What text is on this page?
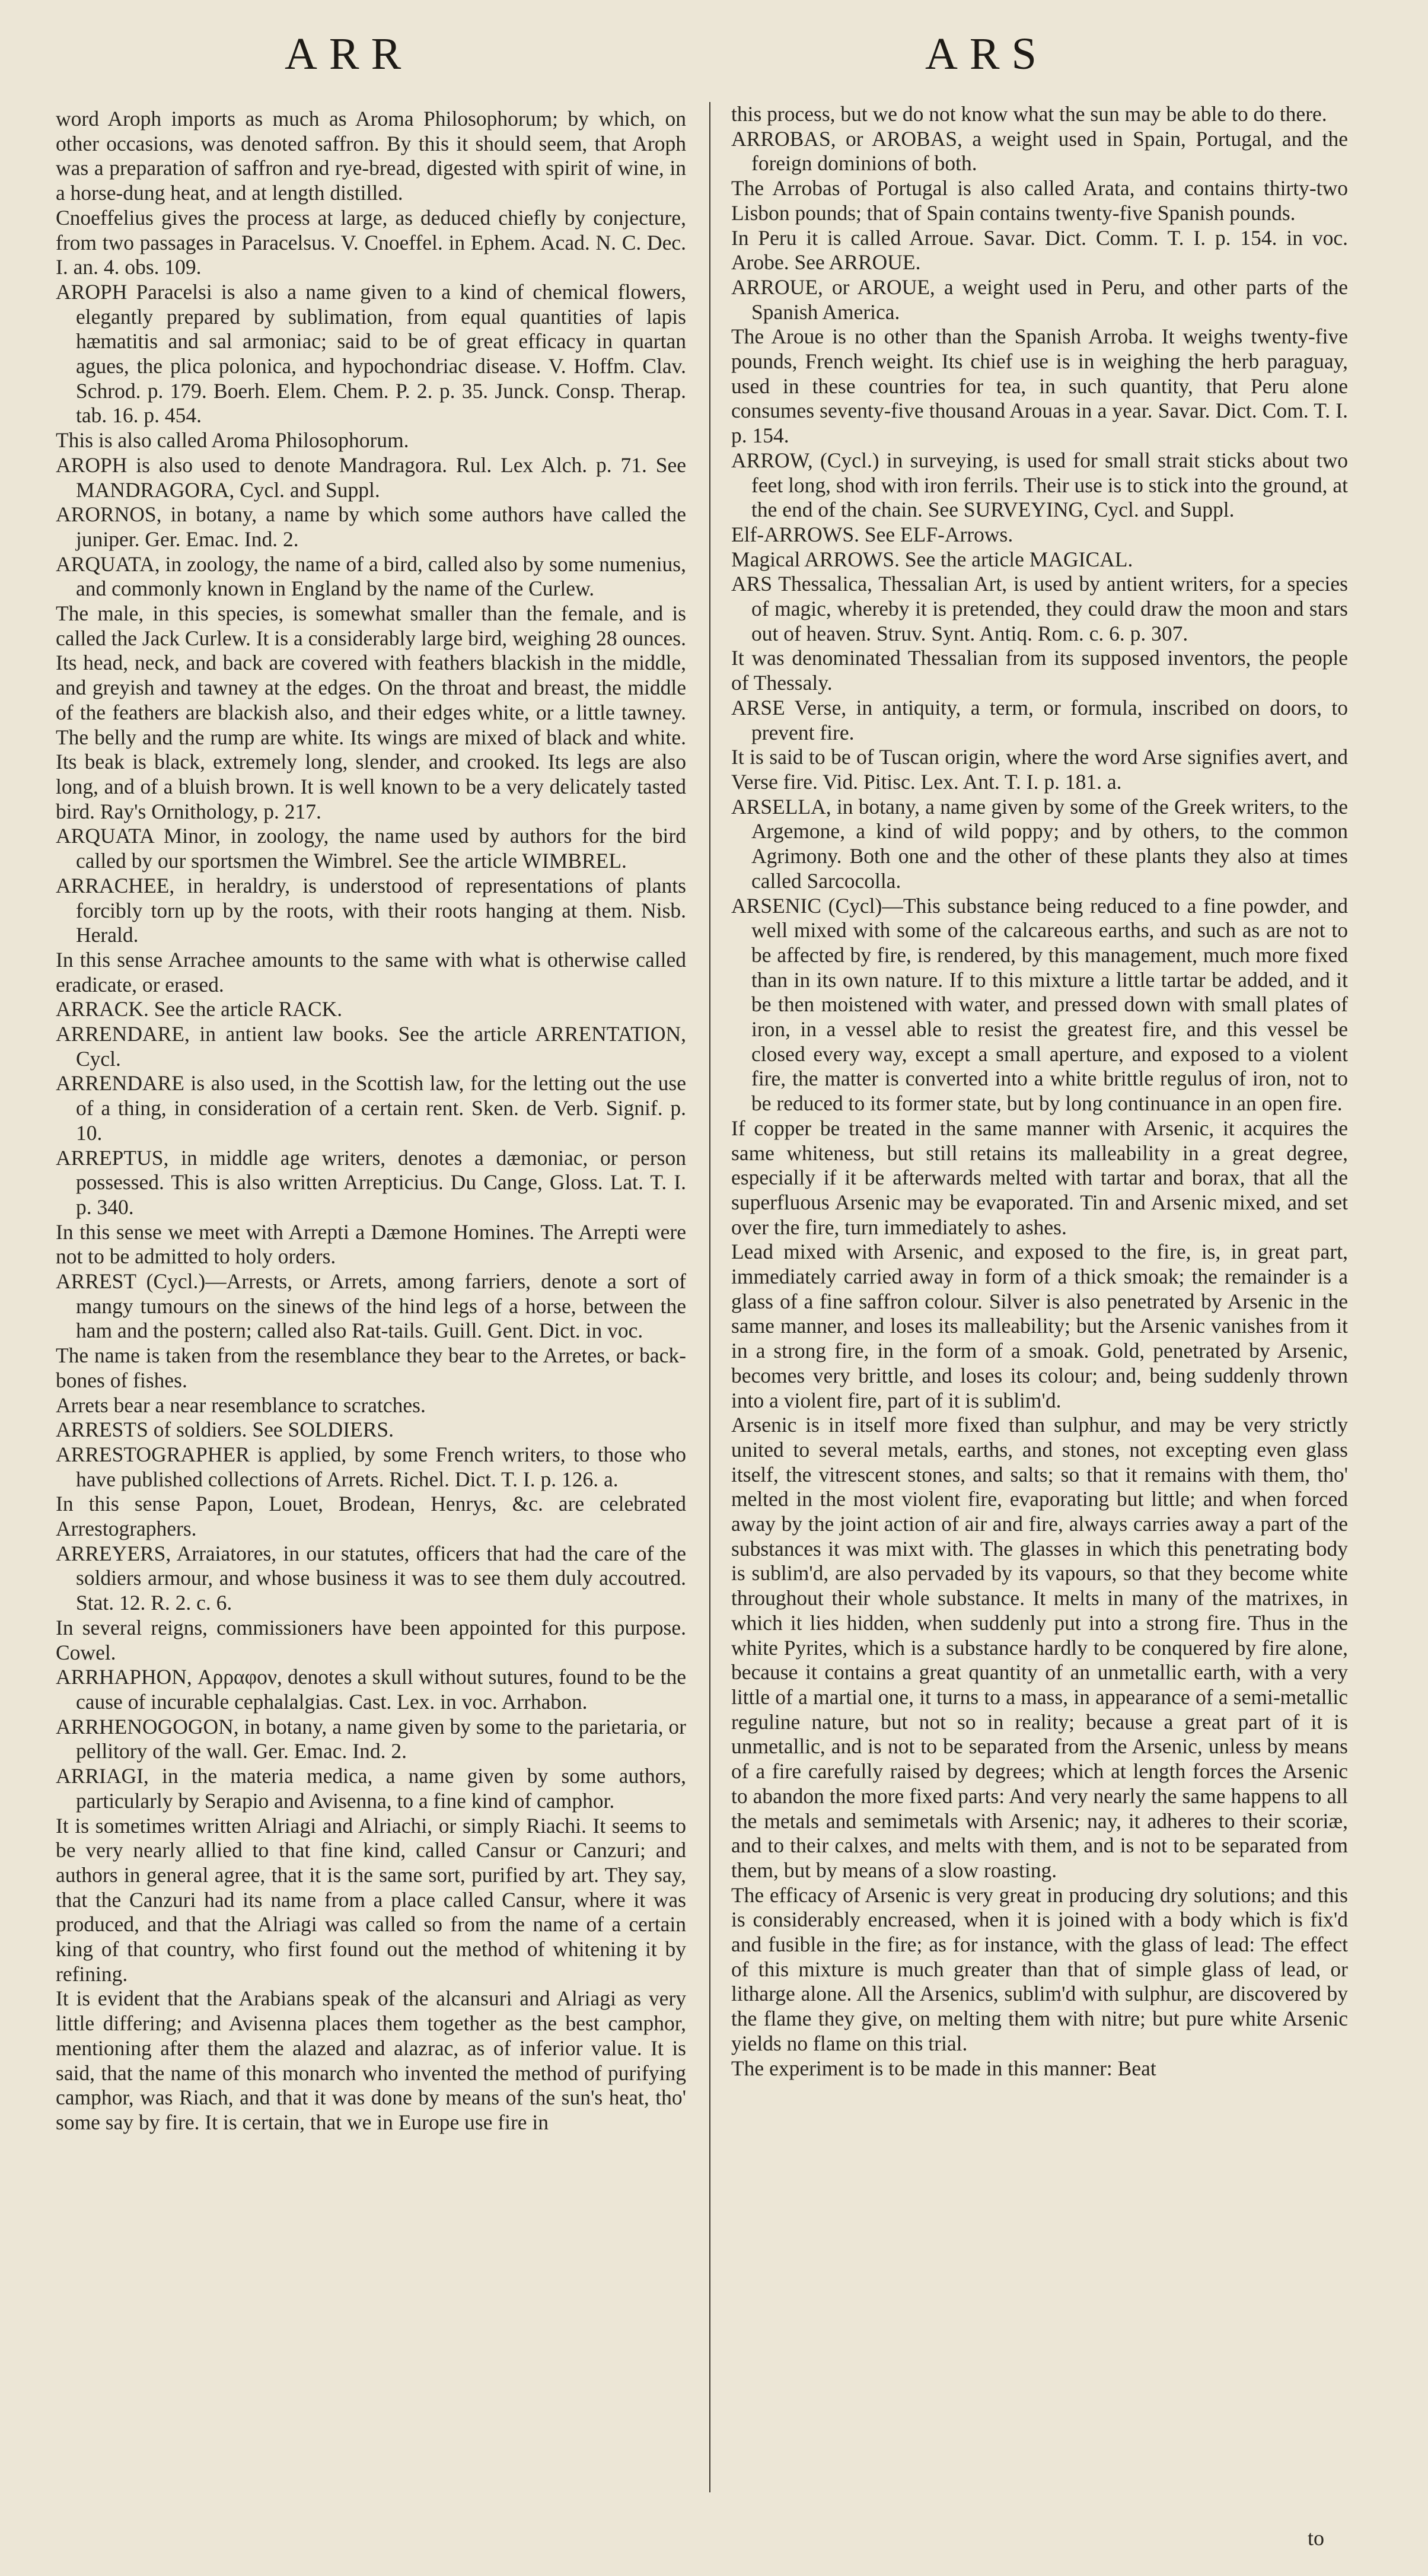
ARR	ARS

word Aroph imports as much as Aroma Philosophorum; by which, on other occasions, was denoted saffron. By this it should seem, that Aroph was a preparation of saffron and rye-bread, digested with spirit of wine, in a horse-dung heat, and at length distilled.

Cnoeffelius gives the process at large, as deduced chiefly by conjecture, from two passages in Paracelsus. V. Cnoeffel. in Ephem. Acad. N. C. Dec. I. an. 4. obs. 109.

AROPH Paracelsi is also a name given to a kind of chemical flowers, elegantly prepared by sublimation, from equal quantities of lapis hæmatitis and sal armoniac; said to be of great efficacy in quartan agues, the plica polonica, and hypochondriac disease. V. Hoffm. Clav. Schrod. p. 179. Boerh. Elem. Chem. P. 2. p. 35. Junck. Consp. Therap. tab. 16. p. 454.

This is also called Aroma Philosophorum.

AROPH is also used to denote Mandragora. Rul. Lex Alch. p. 71. See MANDRAGORA, Cycl. and Suppl.

ARORNOS, in botany, a name by which some authors have called the juniper. Ger. Emac. Ind. 2.

ARQUATA, in zoology, the name of a bird, called also by some numenius, and commonly known in England by the name of the Curlew.

The male, in this species, is somewhat smaller than the female, and is called the Jack Curlew. It is a considerably large bird, weighing 28 ounces. Its head, neck, and back are covered with feathers blackish in the middle, and greyish and tawney at the edges. On the throat and breast, the middle of the feathers are blackish also, and their edges white, or a little tawney. The belly and the rump are white. Its wings are mixed of black and white. Its beak is black, extremely long, slender, and crooked. Its legs are also long, and of a bluish brown. It is well known to be a very delicately tasted bird. Ray's Ornithology, p. 217.

ARQUATA Minor, in zoology, the name used by authors for the bird called by our sportsmen the Wimbrel. See the article WIMBREL.

ARRACHEE, in heraldry, is understood of representations of plants forcibly torn up by the roots, with their roots hanging at them. Nisb. Herald.

In this sense Arrachee amounts to the same with what is otherwise called eradicate, or erased.

ARRACK. See the article RACK.

ARRENDARE, in antient law books. See the article ARRENTATION, Cycl.

ARRENDARE is also used, in the Scottish law, for the letting out the use of a thing, in consideration of a certain rent. Sken. de Verb. Signif. p. 10.

ARREPTUS, in middle age writers, denotes a dæmoniac, or person possessed. This is also written Arrepticius. Du Cange, Gloss. Lat. T. I. p. 340.

In this sense we meet with Arrepti a Dæmone Homines. The Arrepti were not to be admitted to holy orders.

ARREST (Cycl.)—Arrests, or Arrets, among farriers, denote a sort of mangy tumours on the sinews of the hind legs of a horse, between the ham and the postern; called also Rat-tails. Guill. Gent. Dict. in voc.

The name is taken from the resemblance they bear to the Arretes, or back-bones of fishes.

Arrets bear a near resemblance to scratches.

ARRESTS of soldiers. See SOLDIERS.

ARRESTOGRAPHER is applied, by some French writers, to those who have published collections of Arrets. Richel. Dict. T. I. p. 126. a.

In this sense Papon, Louet, Brodean, Henrys, &c. are celebrated Arrestographers.

ARREYERS, Arraiatores, in our statutes, officers that had the care of the soldiers armour, and whose business it was to see them duly accoutred. Stat. 12. R. 2. c. 6.

In several reigns, commissioners have been appointed for this purpose. Cowel.

ARRHAPHON, Αρραφον, denotes a skull without sutures, found to be the cause of incurable cephalalgias. Cast. Lex. in voc. Arrhabon.

ARRHENOGOGON, in botany, a name given by some to the parietaria, or pellitory of the wall. Ger. Emac. Ind. 2.

ARRIAGI, in the materia medica, a name given by some authors, particularly by Serapio and Avisenna, to a fine kind of camphor.

It is sometimes written Alriagi and Alriachi, or simply Riachi. It seems to be very nearly allied to that fine kind, called Cansur or Canzuri; and authors in general agree, that it is the same sort, purified by art. They say, that the Canzuri had its name from a place called Cansur, where it was produced, and that the Alriagi was called so from the name of a certain king of that country, who first found out the method of whitening it by refining.

It is evident that the Arabians speak of the alcansuri and Alriagi as very little differing; and Avisenna places them together as the best camphor, mentioning after them the alazed and alazrac, as of inferior value. It is said, that the name of this monarch who invented the method of purifying camphor, was Riach, and that it was done by means of the sun's heat, tho' some say by fire. It is certain, that we in Europe use fire in

this process, but we do not know what the sun may be able to do there.

ARROBAS, or AROBAS, a weight used in Spain, Portugal, and the foreign dominions of both.

The Arrobas of Portugal is also called Arata, and contains thirty-two Lisbon pounds; that of Spain contains twenty-five Spanish pounds.

In Peru it is called Arroue. Savar. Dict. Comm. T. I. p. 154. in voc. Arobe. See ARROUE.

ARROUE, or AROUE, a weight used in Peru, and other parts of the Spanish America.

The Aroue is no other than the Spanish Arroba. It weighs twenty-five pounds, French weight. Its chief use is in weighing the herb paraguay, used in these countries for tea, in such quantity, that Peru alone consumes seventy-five thousand Arouas in a year. Savar. Dict. Com. T. I. p. 154.

ARROW, (Cycl.) in surveying, is used for small strait sticks about two feet long, shod with iron ferrils. Their use is to stick into the ground, at the end of the chain. See SURVEYING, Cycl. and Suppl.

Elf-ARROWS. See ELF-Arrows.

Magical ARROWS. See the article MAGICAL.

ARS Thessalica, Thessalian Art, is used by antient writers, for a species of magic, whereby it is pretended, they could draw the moon and stars out of heaven. Struv. Synt. Antiq. Rom. c. 6. p. 307.

It was denominated Thessalian from its supposed inventors, the people of Thessaly.

ARSE Verse, in antiquity, a term, or formula, inscribed on doors, to prevent fire.

It is said to be of Tuscan origin, where the word Arse signifies avert, and Verse fire. Vid. Pitisc. Lex. Ant. T. I. p. 181. a.

ARSELLA, in botany, a name given by some of the Greek writers, to the Argemone, a kind of wild poppy; and by others, to the common Agrimony. Both one and the other of these plants they also at times called Sarcocolla.

ARSENIC (Cycl)—This substance being reduced to a fine powder, and well mixed with some of the calcareous earths, and such as are not to be affected by fire, is rendered, by this management, much more fixed than in its own nature. If to this mixture a little tartar be added, and it be then moistened with water, and pressed down with small plates of iron, in a vessel able to resist the greatest fire, and this vessel be closed every way, except a small aperture, and exposed to a violent fire, the matter is converted into a white brittle regulus of iron, not to be reduced to its former state, but by long continuance in an open fire.

If copper be treated in the same manner with Arsenic, it acquires the same whiteness, but still retains its malleability in a great degree, especially if it be afterwards melted with tartar and borax, that all the superfluous Arsenic may be evaporated. Tin and Arsenic mixed, and set over the fire, turn immediately to ashes.

Lead mixed with Arsenic, and exposed to the fire, is, in great part, immediately carried away in form of a thick smoak; the remainder is a glass of a fine saffron colour. Silver is also penetrated by Arsenic in the same manner, and loses its malleability; but the Arsenic vanishes from it in a strong fire, in the form of a smoak. Gold, penetrated by Arsenic, becomes very brittle, and loses its colour; and, being suddenly thrown into a violent fire, part of it is sublim'd.

Arsenic is in itself more fixed than sulphur, and may be very strictly united to several metals, earths, and stones, not excepting even glass itself, the vitrescent stones, and salts; so that it remains with them, tho' melted in the most violent fire, evaporating but little; and when forced away by the joint action of air and fire, always carries away a part of the substances it was mixt with. The glasses in which this penetrating body is sublim'd, are also pervaded by its vapours, so that they become white throughout their whole substance. It melts in many of the matrixes, in which it lies hidden, when suddenly put into a strong fire. Thus in the white Pyrites, which is a substance hardly to be conquered by fire alone, because it contains a great quantity of an unmetallic earth, with a very little of a martial one, it turns to a mass, in appearance of a semi-metallic reguline nature, but not so in reality; because a great part of it is unmetallic, and is not to be separated from the Arsenic, unless by means of a fire carefully raised by degrees; which at length forces the Arsenic to abandon the more fixed parts: And very nearly the same happens to all the metals and semimetals with Arsenic; nay, it adheres to their scoriæ, and to their calxes, and melts with them, and is not to be separated from them, but by means of a slow roasting.

The efficacy of Arsenic is very great in producing dry solutions; and this is considerably encreased, when it is joined with a body which is fix'd and fusible in the fire; as for instance, with the glass of lead: The effect of this mixture is much greater than that of simple glass of lead, or litharge alone. All the Arsenics, sublim'd with sulphur, are discovered by the flame they give, on melting them with nitre; but pure white Arsenic yields no flame on this trial.

The experiment is to be made in this manner: Beat

to
